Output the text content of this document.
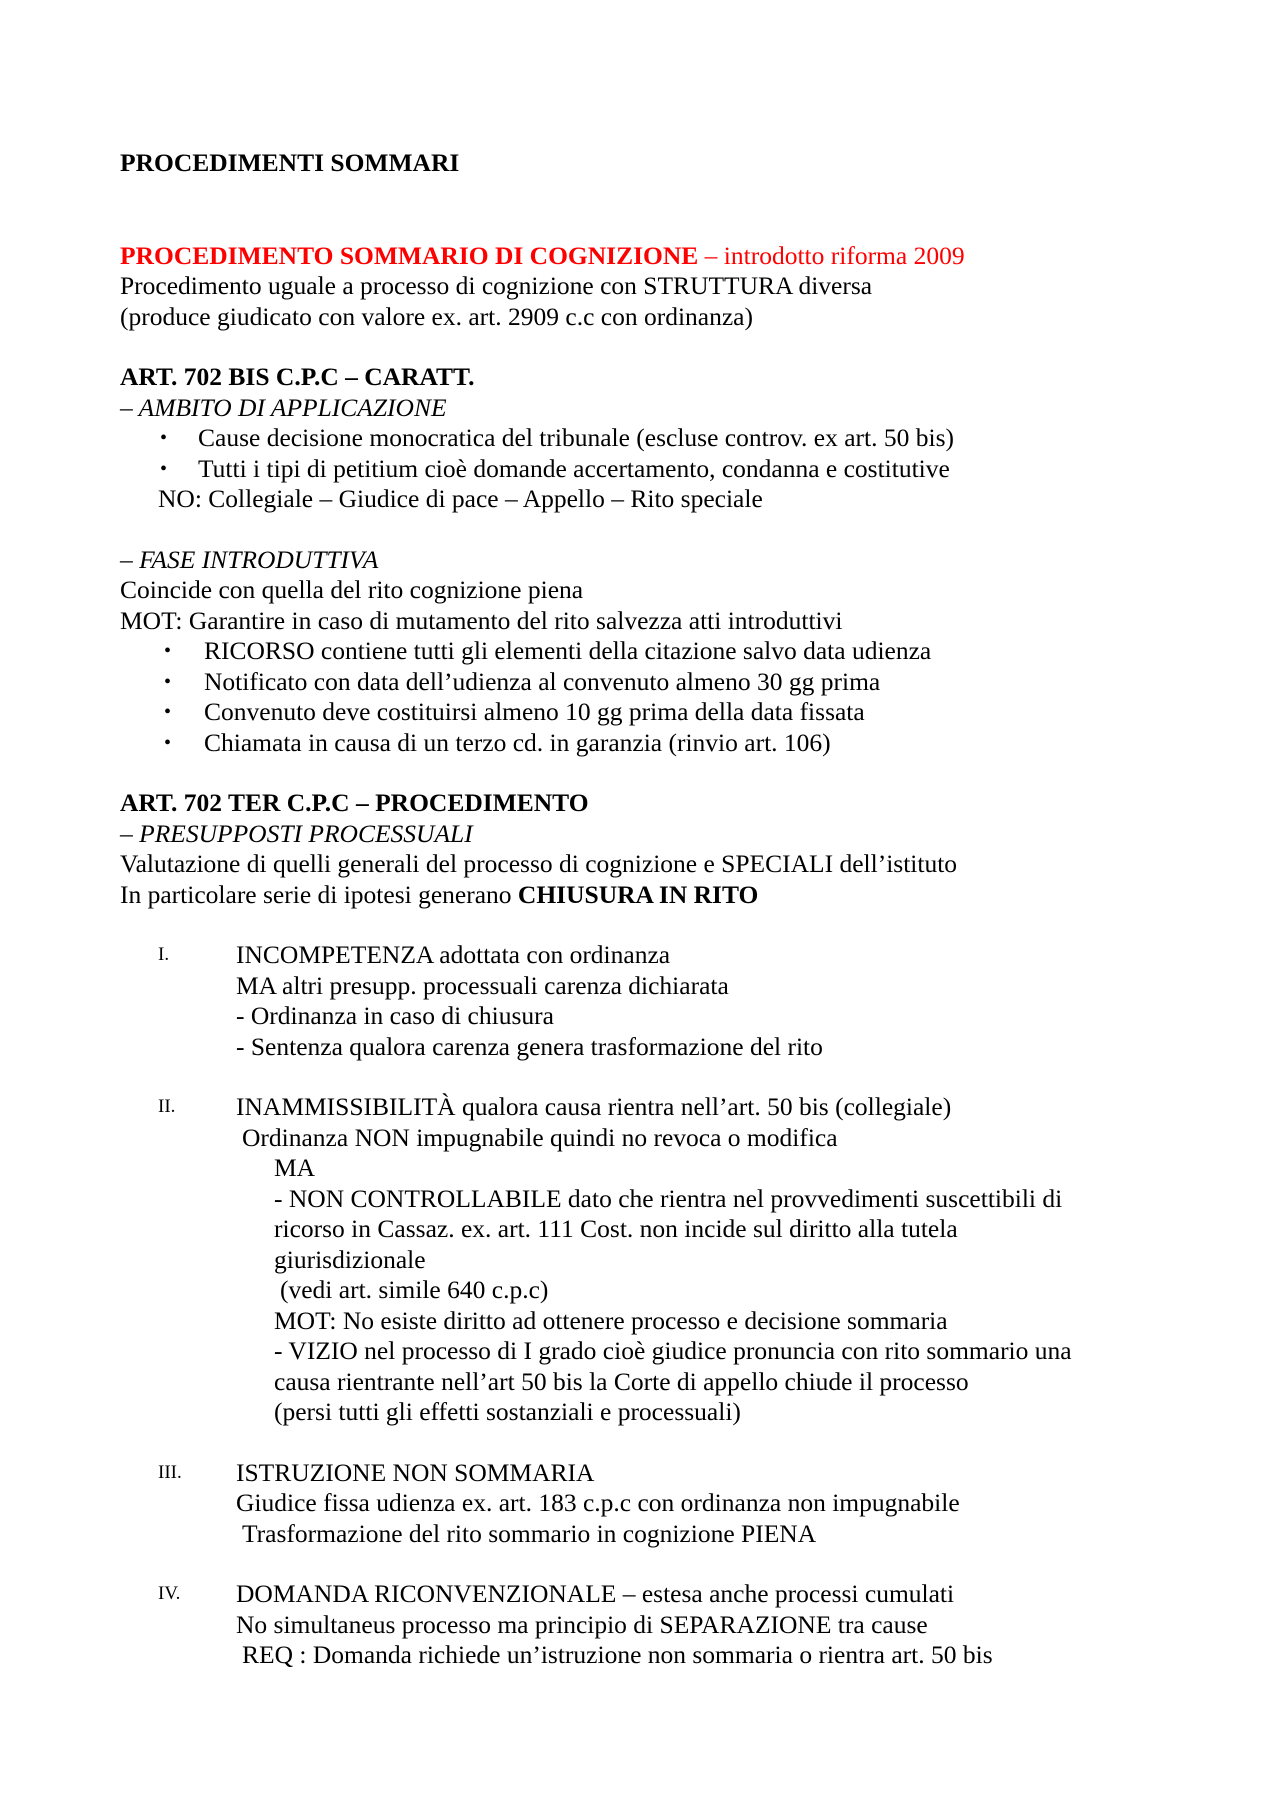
PROCEDIMENTI SOMMARI
PROCEDIMENTO SOMMARIO DI COGNIZIONE – introdotto riforma 2009
Procedimento uguale a processo di cognizione con STRUTTURA diversa
(produce giudicato con valore ex. art. 2909 c.c con ordinanza)
ART. 702 BIS C.P.C – CARATT.
– AMBITO DI APPLICAZIONE
• Cause decisione monocratica del tribunale (escluse controv. ex art. 50 bis)
• Tutti i tipi di petitium cioè domande accertamento, condanna e costitutive
NO: Collegiale – Giudice di pace – Appello – Rito speciale
– FASE INTRODUTTIVA
Coincide con quella del rito cognizione piena
MOT: Garantire in caso di mutamento del rito salvezza atti introduttivi
• RICORSO contiene tutti gli elementi della citazione salvo data udienza
• Notificato con data dell’udienza al convenuto almeno 30 gg prima
• Convenuto deve costituirsi almeno 10 gg prima della data fissata
• Chiamata in causa di un terzo cd. in garanzia (rinvio art. 106)
ART. 702 TER C.P.C – PROCEDIMENTO
– PRESUPPOSTI PROCESSUALI
Valutazione di quelli generali del processo di cognizione e SPECIALI dell’istituto
In particolare serie di ipotesi generano CHIUSURA IN RITO
I.	INCOMPETENZA adottata con ordinanza
MA altri presupp. processuali carenza dichiarata
- Ordinanza in caso di chiusura
- Sentenza qualora carenza genera trasformazione del rito
II. INAMMISSIBILITÀ qualora causa rientra nell’art. 50 bis (collegiale)
Ordinanza NON impugnabile quindi no revoca o modifica
MA
- NON CONTROLLABILE dato che rientra nel provvedimenti suscettibili di
ricorso in Cassaz. ex. art. 111 Cost. non incide sul diritto alla tutela
giurisdizionale
(vedi art. simile 640 c.p.c)
MOT: No esiste diritto ad ottenere processo e decisione sommaria
- VIZIO nel processo di I grado cioè giudice pronuncia con rito sommario una
causa rientrante nell’art 50 bis la Corte di appello chiude il processo
(persi tutti gli effetti sostanziali e processuali)
III. ISTRUZIONE NON SOMMARIA
Giudice fissa udienza ex. art. 183 c.p.c con ordinanza non impugnabile
Trasformazione del rito sommario in cognizione PIENA
IV. DOMANDA RICONVENZIONALE – estesa anche processi cumulati
No simultaneus processo ma principio di SEPARAZIONE tra cause
REQ : Domanda richiede un’istruzione non sommaria o rientra art. 50 bis
